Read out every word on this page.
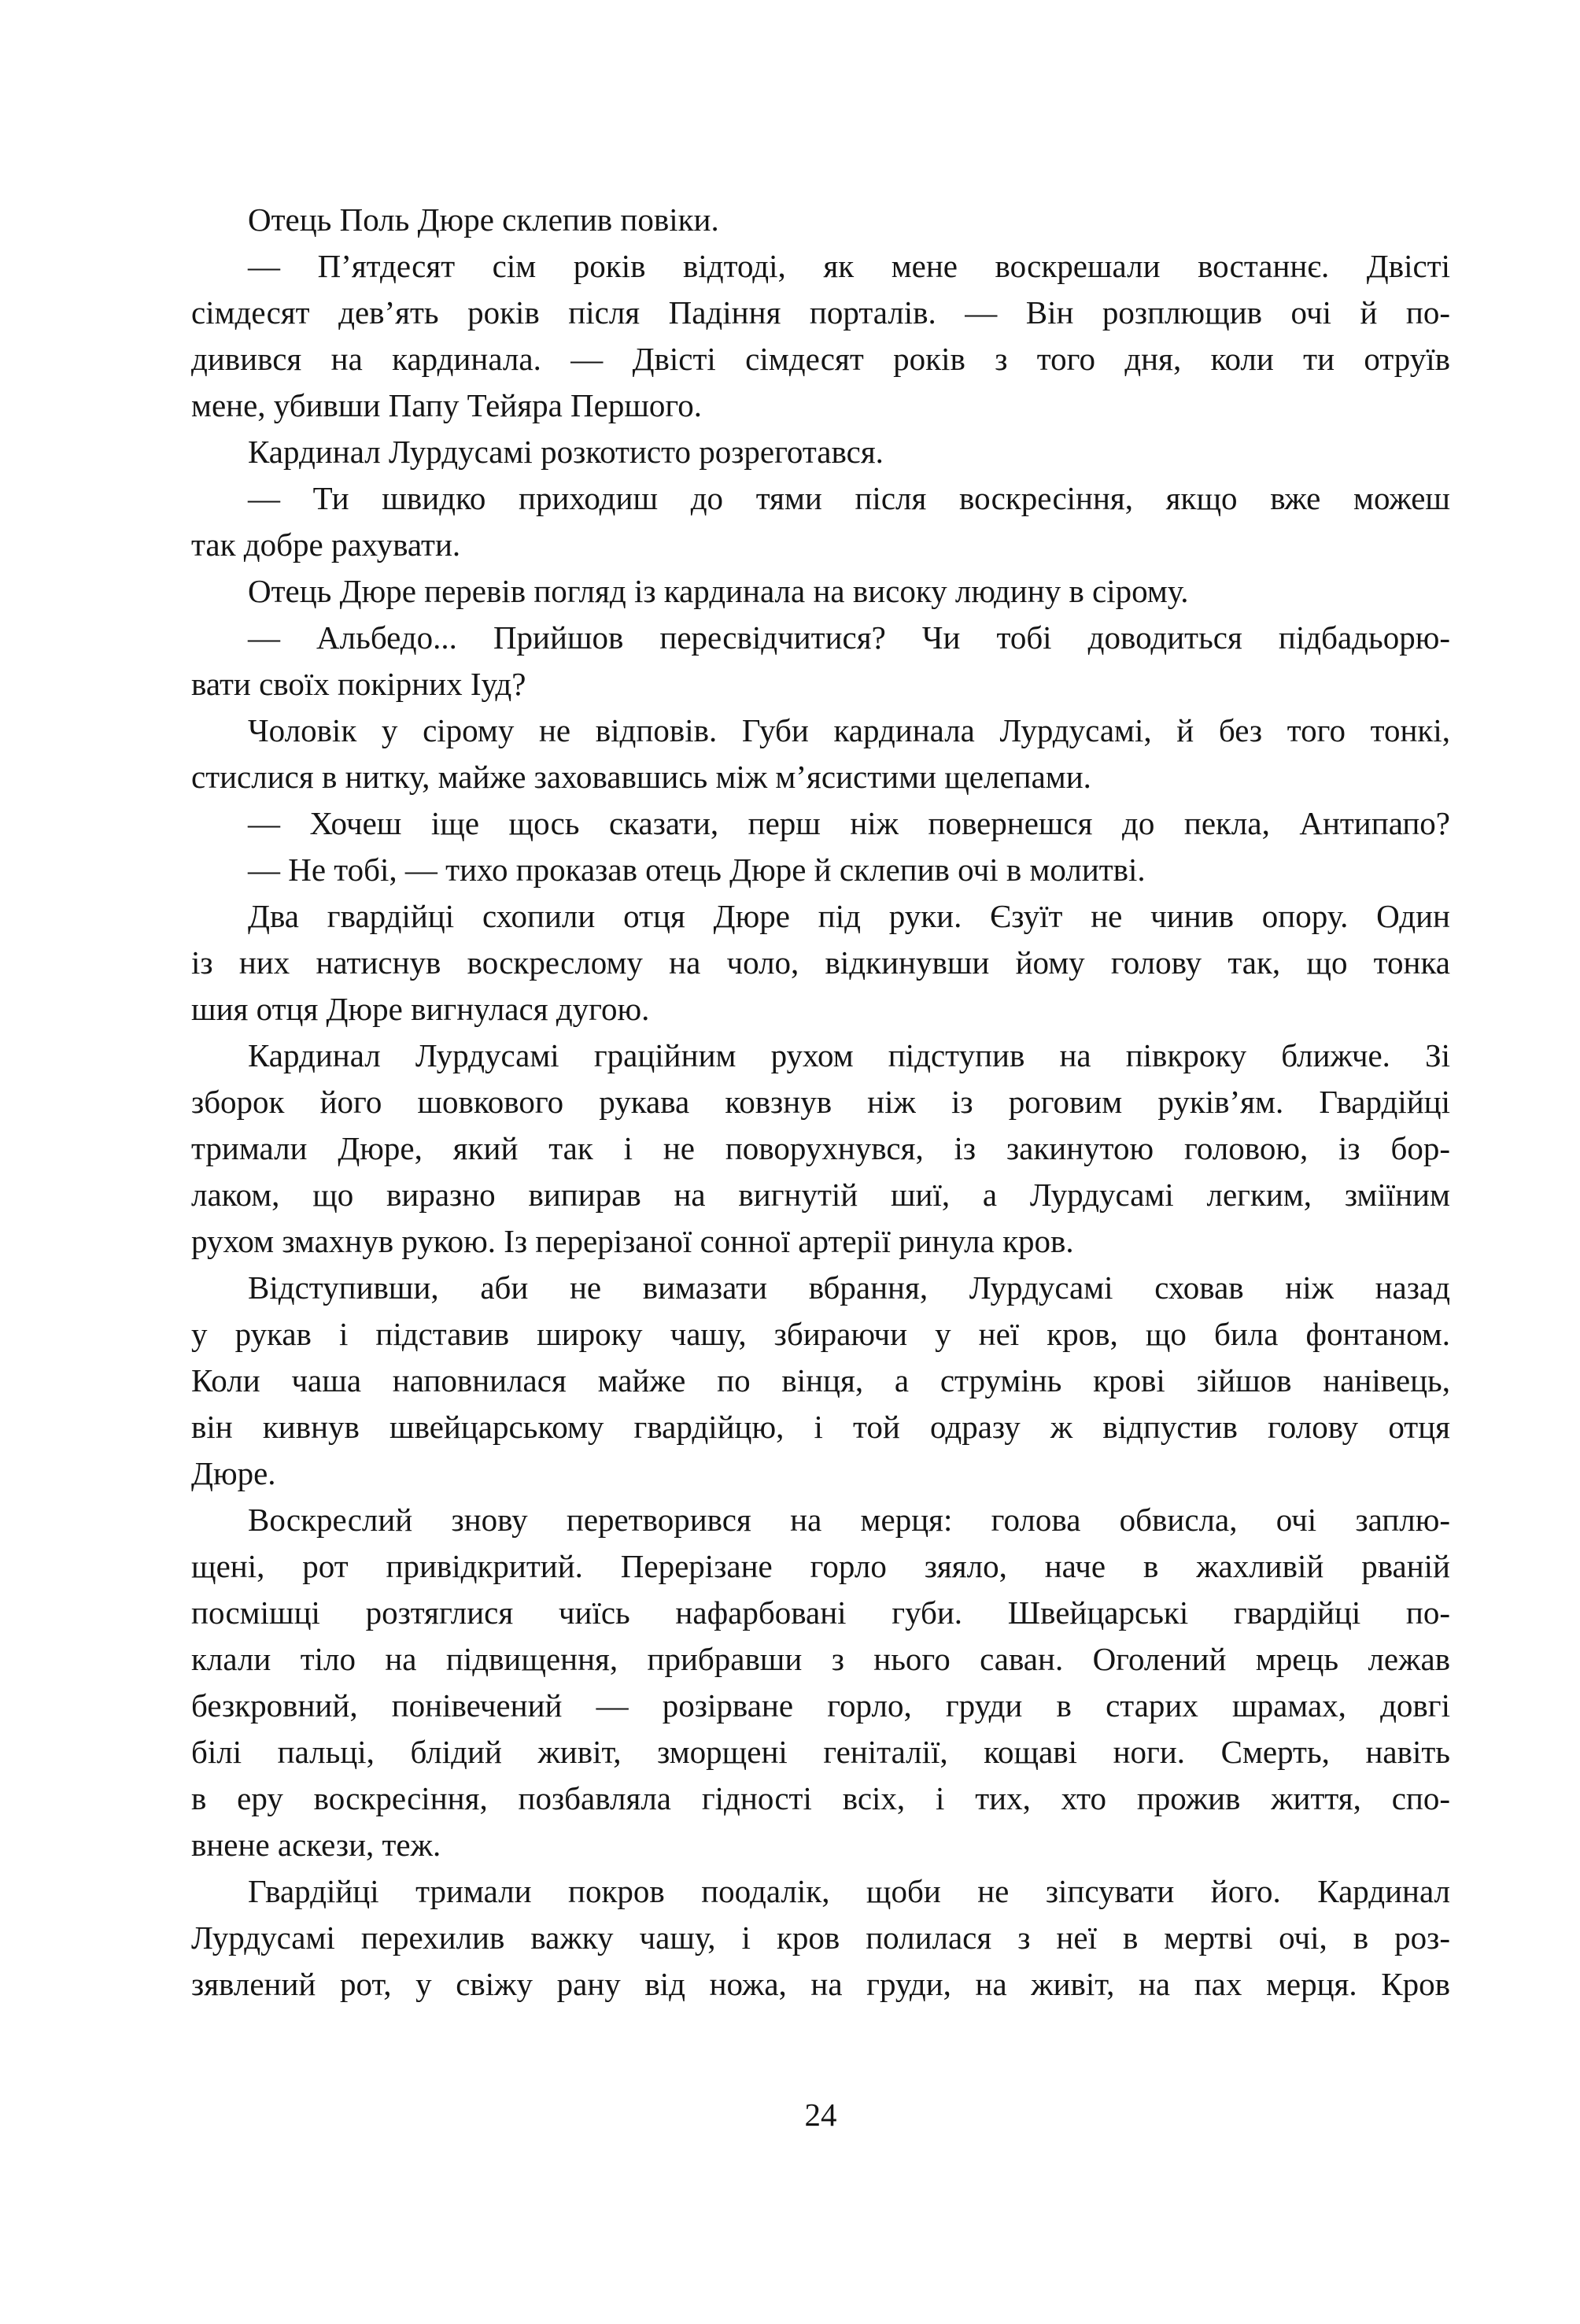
Отець Поль Дюре склепив повіки.
— П’ятдесят сім років відтоді, як мене воскрешали востаннє. Двісті
сімдесят дев’ять років після Падіння порталів. — Він розплющив очі й по-
дивився на кардинала. — Двісті сімдесят років з того дня, коли ти отруїв
мене, убивши Папу Тейяра Першого.
Кардинал Лурдусамі розкотисто розреготався.
— Ти швидко приходиш до тями після воскресіння, якщо вже можеш
так добре рахувати.
Отець Дюре перевів погляд із кардинала на високу людину в сірому.
— Альбедо... Прийшов пересвідчитися? Чи тобі доводиться підбадьорю-
вати своїх покірних Іуд?
Чоловік у сірому не відповів. Губи кардинала Лурдусамі, й без того тонкі,
стислися в нитку, майже заховавшись між м’ясистими щелепами.
— Хочеш іще щось сказати, перш ніж повернешся до пекла, Антипапо?
— Не тобі, — тихо проказав отець Дюре й склепив очі в молитві.
Два гвардійці схопили отця Дюре під руки. Єзуїт не чинив опору. Один
із них натиснув воскреслому на чоло, відкинувши йому голову так, що тонка
шия отця Дюре вигнулася дугою.
Кардинал Лурдусамі граційним рухом підступив на півкроку ближче. Зі
зборок його шовкового рукава ковзнув ніж із роговим руків’ям. Гвардійці
тримали Дюре, який так і не поворухнувся, із закинутою головою, із бор-
лаком, що виразно випирав на вигнутій шиї, а Лурдусамі легким, зміїним
рухом змахнув рукою. Із перерізаної сонної артерії ринула кров.
Відступивши, аби не вимазати вбрання, Лурдусамі сховав ніж назад
у рукав і підставив широку чашу, збираючи у неї кров, що била фонтаном.
Коли чаша наповнилася майже по вінця, а струмінь крові зійшов нанівець,
він кивнув швейцарському гвардійцю, і той одразу ж відпустив голову отця
Дюре.
Воскреслий знову перетворився на мерця: голова обвисла, очі заплю-
щені, рот привідкритий. Перерізане горло зяяло, наче в жахливій рваній
посмішці розтяглися чиїсь нафарбовані губи. Швейцарські гвардійці по-
клали тіло на підвищення, прибравши з нього саван. Оголений мрець лежав
безкровний, понівечений — розірване горло, груди в старих шрамах, довгі
білі пальці, блідий живіт, зморщені геніталії, кощаві ноги. Смерть, навіть
в еру воскресіння, позбавляла гідності всіх, і тих, хто прожив життя, спо-
внене аскези, теж.
Гвардійці тримали покров поодалік, щоби не зіпсувати його. Кардинал
Лурдусамі перехилив важку чашу, і кров полилася з неї в мертві очі, в роз-
зявлений рот, у свіжу рану від ножа, на груди, на живіт, на пах мерця. Кров
24
